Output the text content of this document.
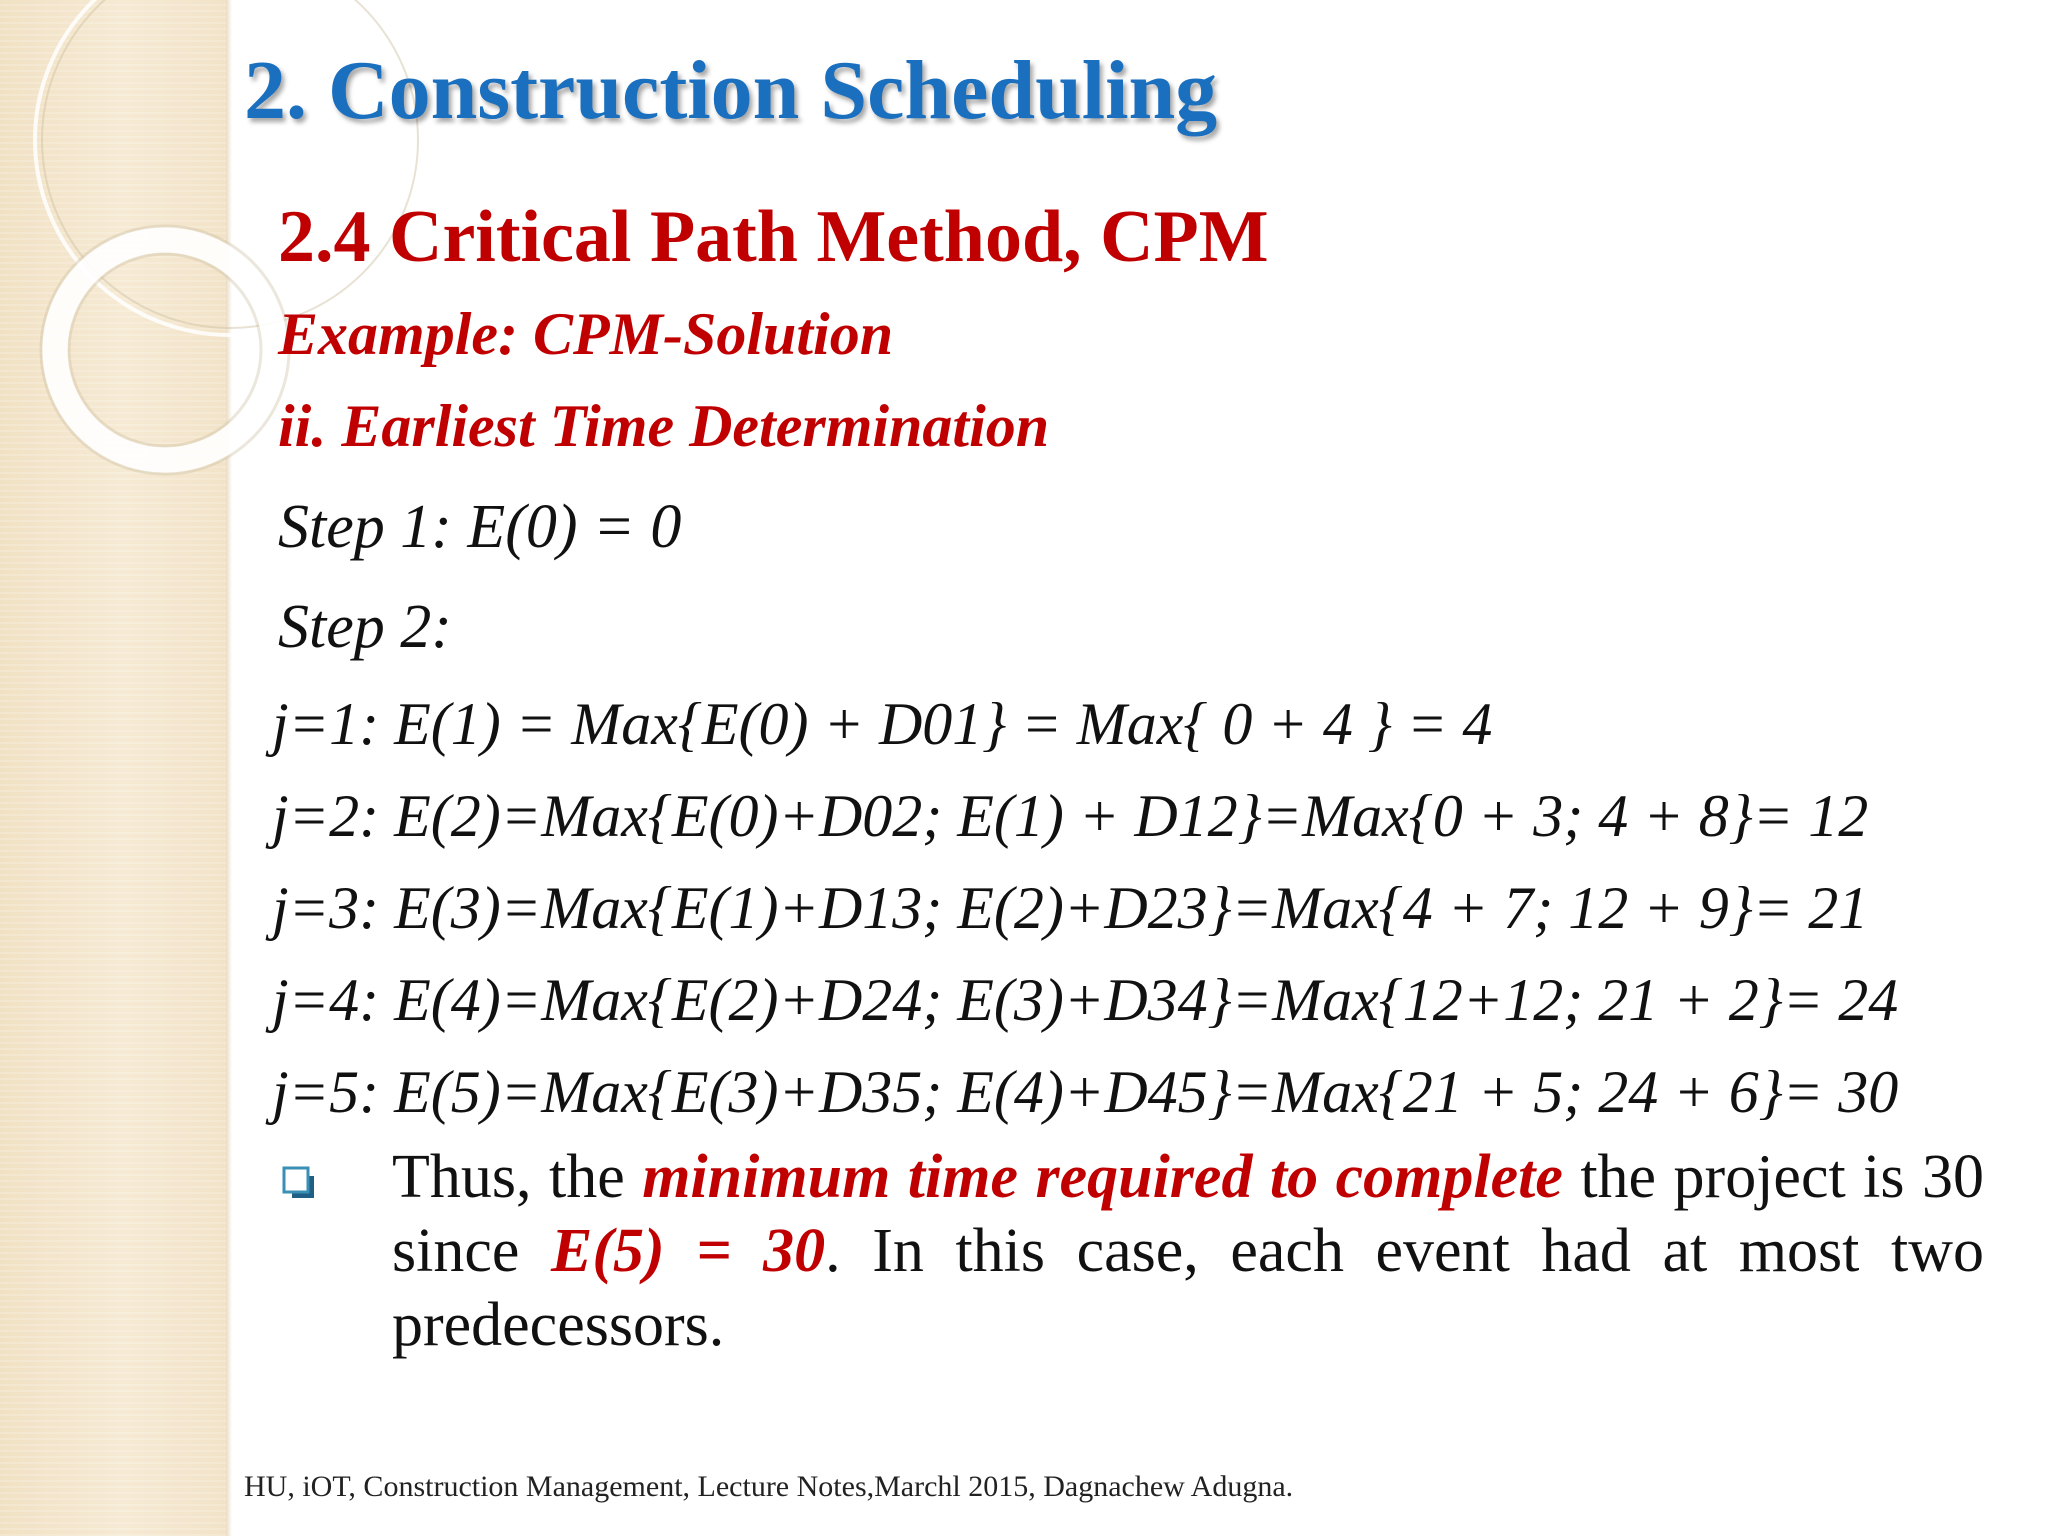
2. Construction Scheduling
2.4 Critical Path Method, CPM

Example: CPM-Solution

ii. Earliest Time Determination

Step 1: E(0) = 0

Step 2:

j=1: E(1) = Max{E(0) + D01} = Max{ 0 + 4 } = 4

j=2: E(2)=Max{E(0)+D02; E(1) + D12}=Max{0 + 3; 4 + 8}= 12

j=3: E(3)=Max{E(1)+D13; E(2)+D23}=Max{4 + 7; 12 + 9}= 21

j=4: E(4)=Max{E(2)+D24; E(3)+D34}=Max{12+12; 21 + 2}= 24

j=5: E(5)=Max{E(3)+D35; E(4)+D45}=Max{21 + 5; 24 + 6}= 30

Thus, the minimum time required to complete the project is 30 since E(5) = 30. In this case, each event had at most two predecessors.

HU, iOT, Construction Management, Lecture Notes,Marchl 2015, Dagnachew Adugna.
